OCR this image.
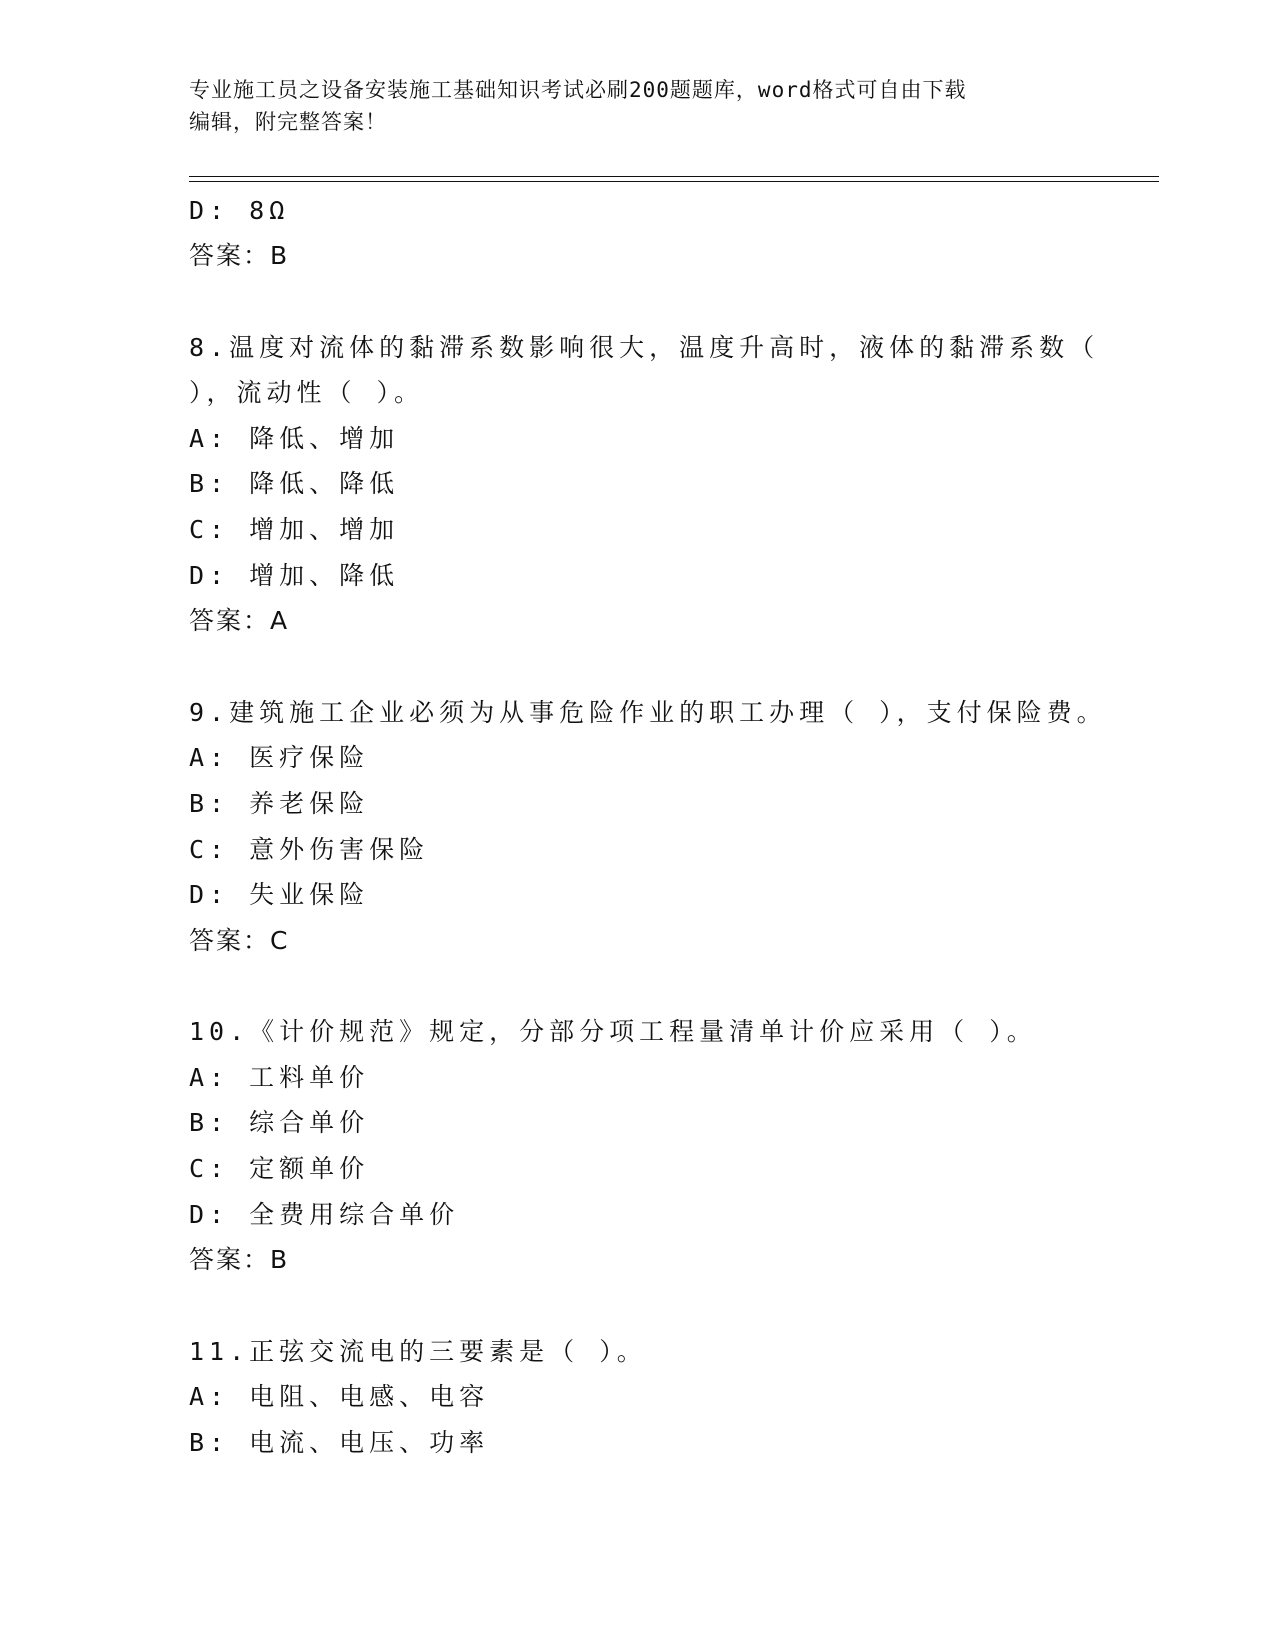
专业施工员之设备安装施工基础知识考试必刷200题题库，word格式可自由下载
编辑，附完整答案！
D: 8Ω
答案：B
8.温度对流体的黏滞系数影响很大，温度升高时，液体的黏滞系数（
），流动性（ ）。
A: 降低、增加
B: 降低、降低
C: 增加、增加
D: 增加、降低
答案：A
9.建筑施工企业必须为从事危险作业的职工办理（ ），支付保险费。
A: 医疗保险
B: 养老保险
C: 意外伤害保险
D: 失业保险
答案：C
10.《计价规范》规定，分部分项工程量清单计价应采用（ ）。
A: 工料单价
B: 综合单价
C: 定额单价
D: 全费用综合单价
答案：B
11.正弦交流电的三要素是（ ）。
A: 电阻、电感、电容
B: 电流、电压、功率
